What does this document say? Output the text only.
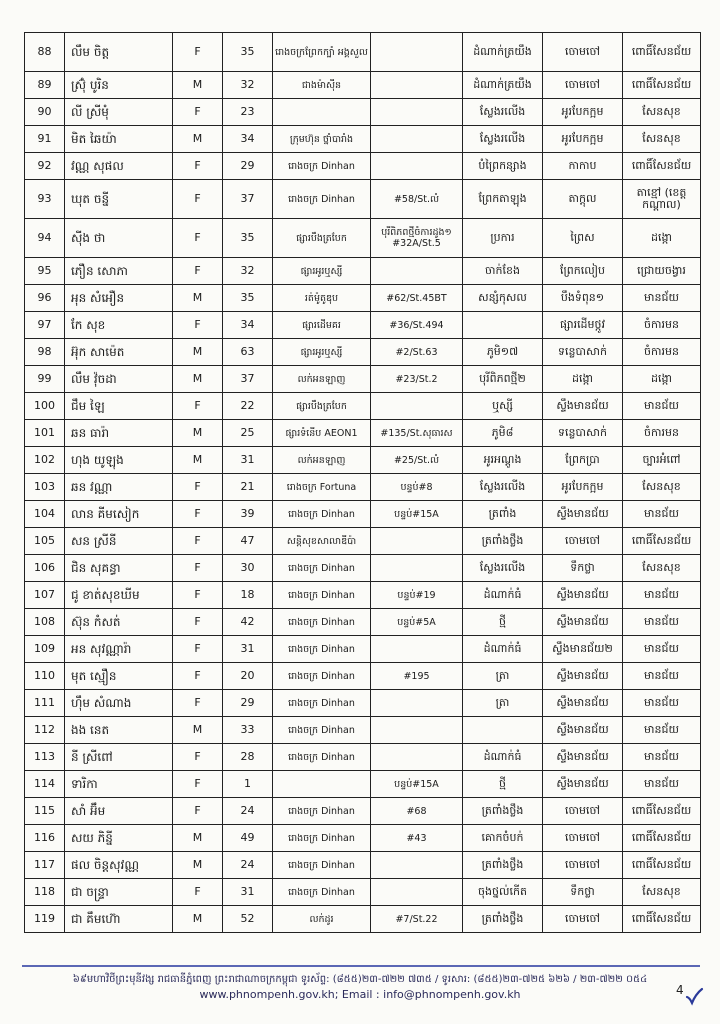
88	លឹម ចិត្ត	F	35	រោងចក្រព្រែកក្បាំ អង្គសួល		ដំណាក់ត្រយឹង	ចោមចៅ	ពោធិ៍សែនជ័យ
89	ស្រ៊ុំ បូរិន	M	32	ជាងម៉ាស៊ីន		ដំណាក់ត្រយឹង	ចោមចៅ	ពោធិ៍សែនជ័យ
90	លី ស្រីមុំ	F	23			ស្លែងរលើង	អូរបែកក្អម	សែនសុខ
91	មិត ឆៃយ៉ា	M	34	ក្រុមហ៊ុន ថ្នាំបារាំង		ស្លែងរលើង	អូរបែកក្អម	សែនសុខ
92	វណ្ណ សុផល	F	29	រោងចក្រ Dinhan		បំព្រៃកន្សាង	កាកាប	ពោធិ៍សែនជ័យ
93	ឃុត ចន្នី	F	37	រោងចក្រ Dinhan	#58/St.លំ	ព្រែកតាឡុង	តាក្ដុល	តាខ្មៅ (ខេត្តកណ្ដាល)
94	ស៊ីង ថា	F	35	ផ្សារបឹងត្របែក	បុរីពិភពថ្មីចំការដូង១ #32A/St.5	ប្រការ	ព្រៃស	ដង្កោ
95	ភឿន សោភា	F	32	ផ្សារអូរឬស្សី		ចាក់ខែង	ព្រែកលៀប	ជ្រោយចង្វារ
96	អុន សំអឿន	M	35	រត់ម៉ូតូឌុប	#62/St.45BT	សន្សំកុសល	បឹងទំពុន១	មានជ័យ
97	កែ សុខ	F	34	ផ្សារដើមគរ	#36/St.494		ផ្សារដើមថ្កូវ	ចំការមន
98	អ៊ុក សាម៉េត	M	63	ផ្សារអូរឬស្សី	#2/St.63	ភូមិ១៧	ទន្លេបាសាក់	ចំការមន
99	លឹម វ៉ុចដា	M	37	លក់អនឡាញ	#23/St.2	បុរីពិភពថ្មី២	ដង្កោ	ដង្កោ
100	ជឹម ឡៃ	F	22	ផ្សារបឹងត្របែក		ឬស្សី	ស្ទឹងមានជ័យ	មានជ័យ
101	ឆន ធារ៉ា	M	25	ផ្សារទំនើប AEON1	#135/St.សុធារស	ភូមិ៨	ទន្លេបាសាក់	ចំការមន
102	ហុង យូឡុង	M	31	លក់អនឡាញ	#25/St.លំ	អូរអណ្ដូង	ព្រែកប្រា	ច្បារអំពៅ
103	ឆន វណ្ណា	F	21	រោងចក្រ Fortuna	បន្ទប់#8	ស្លែងរលើង	អូរបែកក្អម	សែនសុខ
104	លាន គីមសៀក	F	39	រោងចក្រ Dinhan	បន្ទប់#15A	ត្រពាំង	ស្ទឹងមានជ័យ	មានជ័យ
105	សន ស្រីនី	F	47	សន្តិសុខសាលាឌីប៉ា		ត្រពាំងថ្លឹង	ចោមចៅ	ពោធិ៍សែនជ័យ
106	ជិន សុគន្ធា	F	30	រោងចក្រ Dinhan		ស្លែងរលើង	ទឹកថ្លា	សែនសុខ
107	ជូ ខាត់សុខឃីម	F	18	រោងចក្រ Dinhan	បន្ទប់#19	ដំណាក់ធំ	ស្ទឹងមានជ័យ	មានជ័យ
108	ស៊ុន កំសត់	F	42	រោងចក្រ Dinhan	បន្ទប់#5A	ថ្មី	ស្ទឹងមានជ័យ	មានជ័យ
109	អន សុវណ្ណារ៉ា	F	31	រោងចក្រ Dinhan		ដំណាក់ធំ	ស្ទឹងមានជ័យ២	មានជ័យ
110	មុត ស្មឿន	F	20	រោងចក្រ Dinhan	#195	ត្រា	ស្ទឹងមានជ័យ	មានជ័យ
111	ហ៊ឹម សំណាង	F	29	រោងចក្រ Dinhan		ត្រា	ស្ទឹងមានជ័យ	មានជ័យ
112	ងង នេត	M	33	រោងចក្រ Dinhan			ស្ទឹងមានជ័យ	មានជ័យ
113	នី ស្រីពៅ	F	28	រោងចក្រ Dinhan		ដំណាក់ធំ	ស្ទឹងមានជ័យ	មានជ័យ
114	ទារិកា	F	1		បន្ទប់#15A	ថ្មី	ស្ទឹងមានជ័យ	មានជ័យ
115	សាំ អ៊ឹម	F	24	រោងចក្រ Dinhan	#68	ត្រពាំងថ្លឹង	ចោមចៅ	ពោធិ៍សែនជ័យ
116	សយ ភិន្នី	M	49	រោងចក្រ Dinhan	#43	គោកចំបក់	ចោមចៅ	ពោធិ៍សែនជ័យ
117	ផល ចិន្តសុវណ្ណ	M	24	រោងចក្រ Dinhan		ត្រពាំងថ្លឹង	ចោមចៅ	ពោធិ៍សែនជ័យ
118	ជា ចន្ទ្រា	F	31	រោងចក្រ Dinhan		ចុងថ្នល់កើត	ទឹកថ្លា	សែនសុខ
119	ជា គឹមហ៊ោ	M	52	លក់ដូរ	#7/St.22	ត្រពាំងថ្លឹង	ចោមចៅ	ពោធិ៍សែនជ័យ
៦៩មហាវិថីព្រះមុនីវង្ស រាជធានីភ្នំពេញ ព្រះរាជាណាចក្រកម្ពុជា ទូរស័ព្ទ: (៨៥៥)២៣-៧២២ ៧៣៥ / ទូរសារ: (៨៥៥)២៣-៧២៥ ៦២៦ / ២៣-៧២២ ០៥៤
www.phnompenh.gov.kh; Email : info@phnompenh.gov.kh	4
